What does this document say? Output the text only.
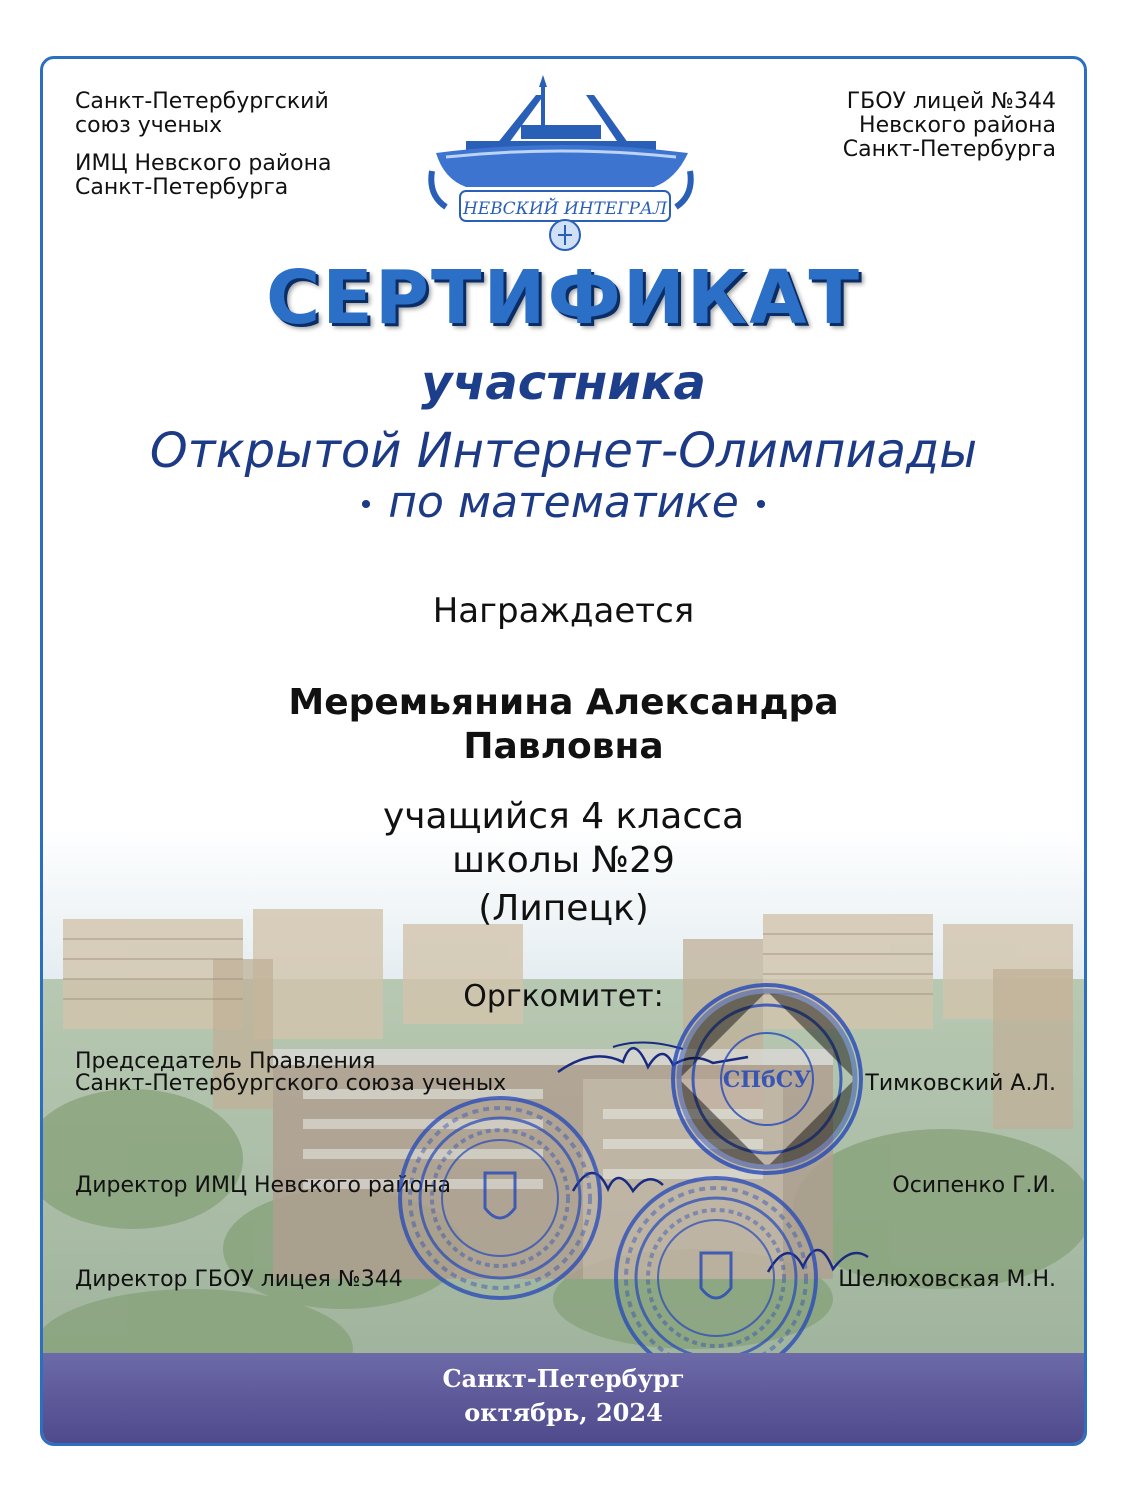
НЕВСКИЙ ИНТЕГРАЛ
Санкт-Петербургский
союз ученых
ИМЦ Невского района
Санкт-Петербурга
ГБОУ лицей №344
Невского района
Санкт-Петербурга
СЕРТИФИКАТ
участника
Открытой Интернет-Олимпиады
• по математике •
Награждается
Меремьянина Александра
Павловна
учащийся 4 класса
школы №29
(Липецк)
Оргкомитет:
Председатель Правления
Санкт-Петербургского союза ученых	Тимковский А.Л.
Директор ИМЦ Невского района	Осипенко Г.И.
Директор ГБОУ лицея №344	Шелюховская М.Н.
СПбСУ
Санкт-Петербург
октябрь, 2024
